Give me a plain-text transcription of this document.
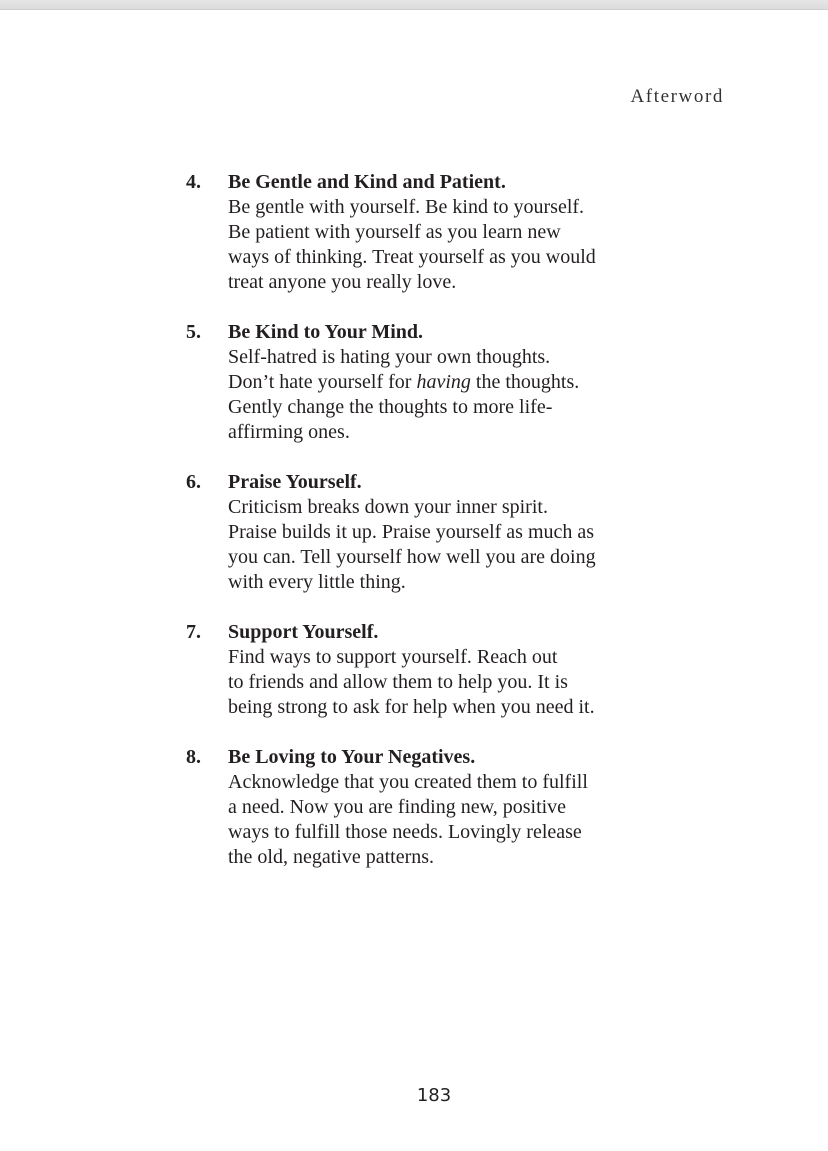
Afterword
4. Be Gentle and Kind and Patient.
Be gentle with yourself. Be kind to yourself.
Be patient with yourself as you learn new
ways of thinking. Treat yourself as you would
treat anyone you really love.
5. Be Kind to Your Mind.
Self-hatred is hating your own thoughts.
Don’t hate yourself for having the thoughts.
Gently change the thoughts to more life-
affirming ones.
6. Praise Yourself.
Criticism breaks down your inner spirit.
Praise builds it up. Praise yourself as much as
you can. Tell yourself how well you are doing
with every little thing.
7. Support Yourself.
Find ways to support yourself. Reach out
to friends and allow them to help you. It is
being strong to ask for help when you need it.
8. Be Loving to Your Negatives.
Acknowledge that you created them to fulfill
a need. Now you are finding new, positive
ways to fulfill those needs. Lovingly release
the old, negative patterns.
183
